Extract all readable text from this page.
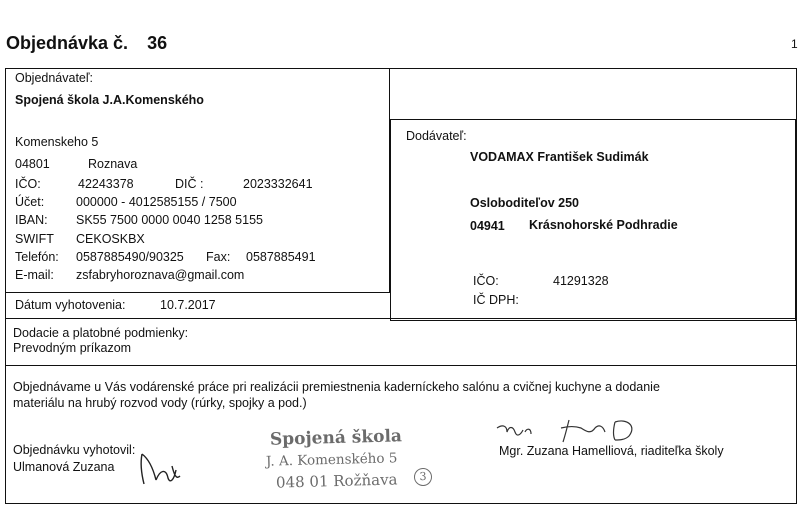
Objednávka č. 36	1
Objednávateľ:
Spojená škola J.A.Komenského
Komenskeho 5
04801	Roznava
IČO:	42243378	DIČ :	2023332641
Účet:	000000 - 4012585155 / 7500
IBAN: SK55 7500 0000 0040 1258 5155
SWIFT CEKOSKBX
Telefón: 0587885490/90325 Fax: 0587885491
E-mail: zsfabryhoroznava@gmail.com
Dátum vyhotovenia:	10.7.2017
Dodávateľ:
VODAMAX František Sudimák
Osloboditeľov 250
04941 Krásnohorské Podhradie
IČO:	41291328
IČ DPH:
Dodacie a platobné podmienky:
Prevodným príkazom
Objednávame u Vás vodárenské práce pri realizácii premiestnenia kaderníckeho salónu a cvičnej kuchyne a dodanie
materiálu na hrubý rozvod vody (rúrky, spojky a pod.)
Objednávku vyhotovil:
Ulmanová Zuzana
Mgr. Zuzana Hamelliová, riaditeľka školy
Spojená škola
J. A. Komenského 5
048 01 Rožňava	3
